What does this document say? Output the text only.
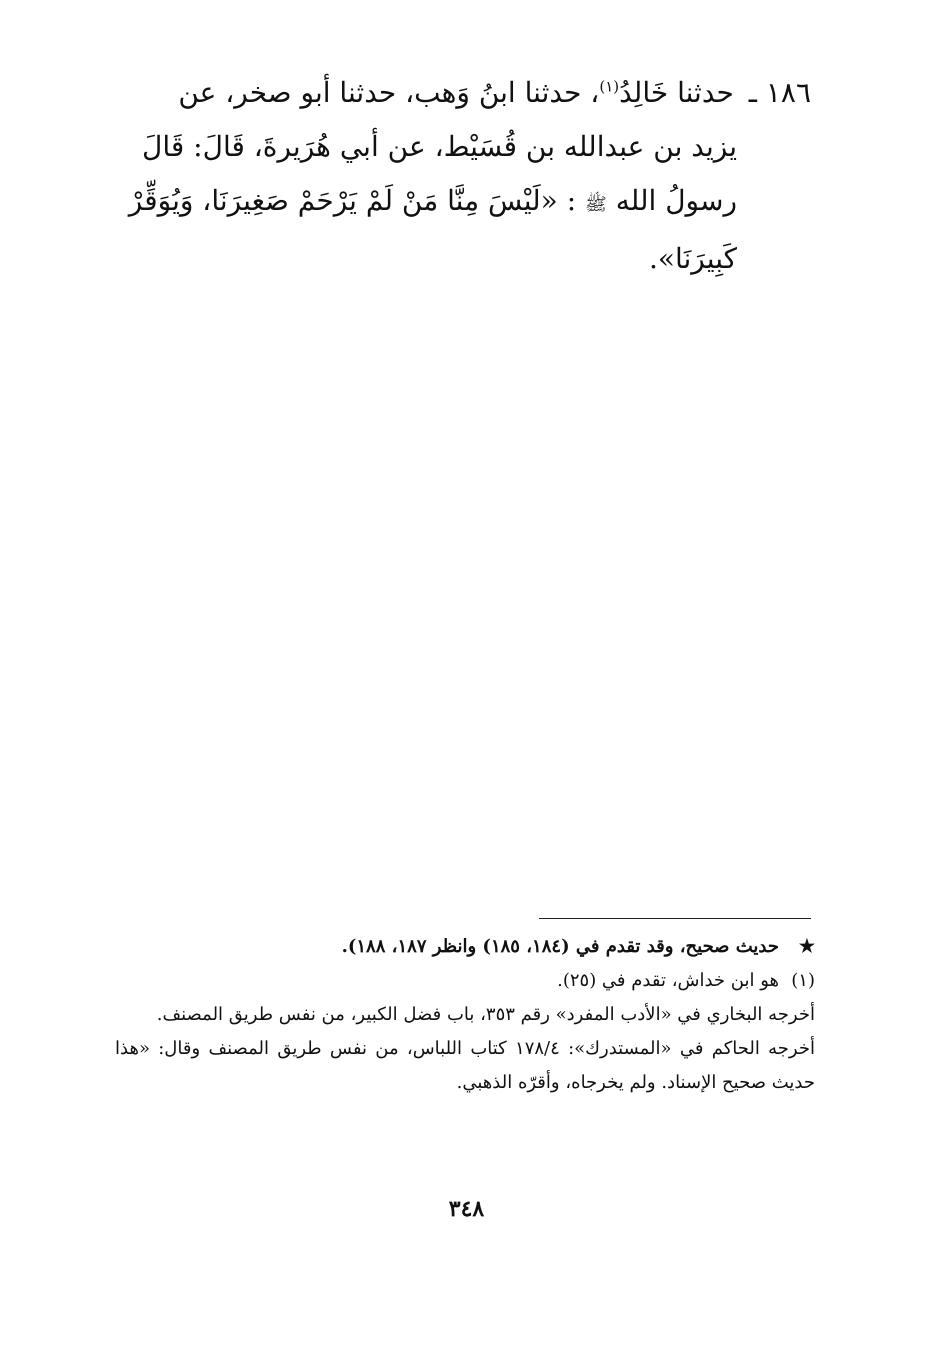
١٨٦ ـ حدثنا خَالِدُ$^{(١)}$، حدثنا ابنُ وَهب، حدثنا أبو صخر، عن
يزيد بن عبدالله بن قُسَيْط، عن أبي هُرَيرةَ، قَالَ: قَالَ
رسولُ الله ﷺ : «لَيْسَ مِنَّا مَنْ لَمْ يَرْحَمْ صَغِيرَنَا، وَيُوَقِّرْ
كَبِيرَنَا».
★حديث صحيح، وقد تقدم في (١٨٤، ١٨٥) وانظر ١٨٧، ١٨٨).
(١)هو ابن خداش، تقدم في (٢٥).
أخرجه البخاري في «الأدب المفرد» رقم ٣٥٣، باب فضل الكبير، من نفس طريق المصنف.
أخرجه الحاكم في «المستدرك»: ١٧٨/٤ كتاب اللباس، من نفس طريق المصنف وقال: «هذا حديث صحيح الإسناد. ولم يخرجاه، وأقرّه الذهبي.
٣٤٨
